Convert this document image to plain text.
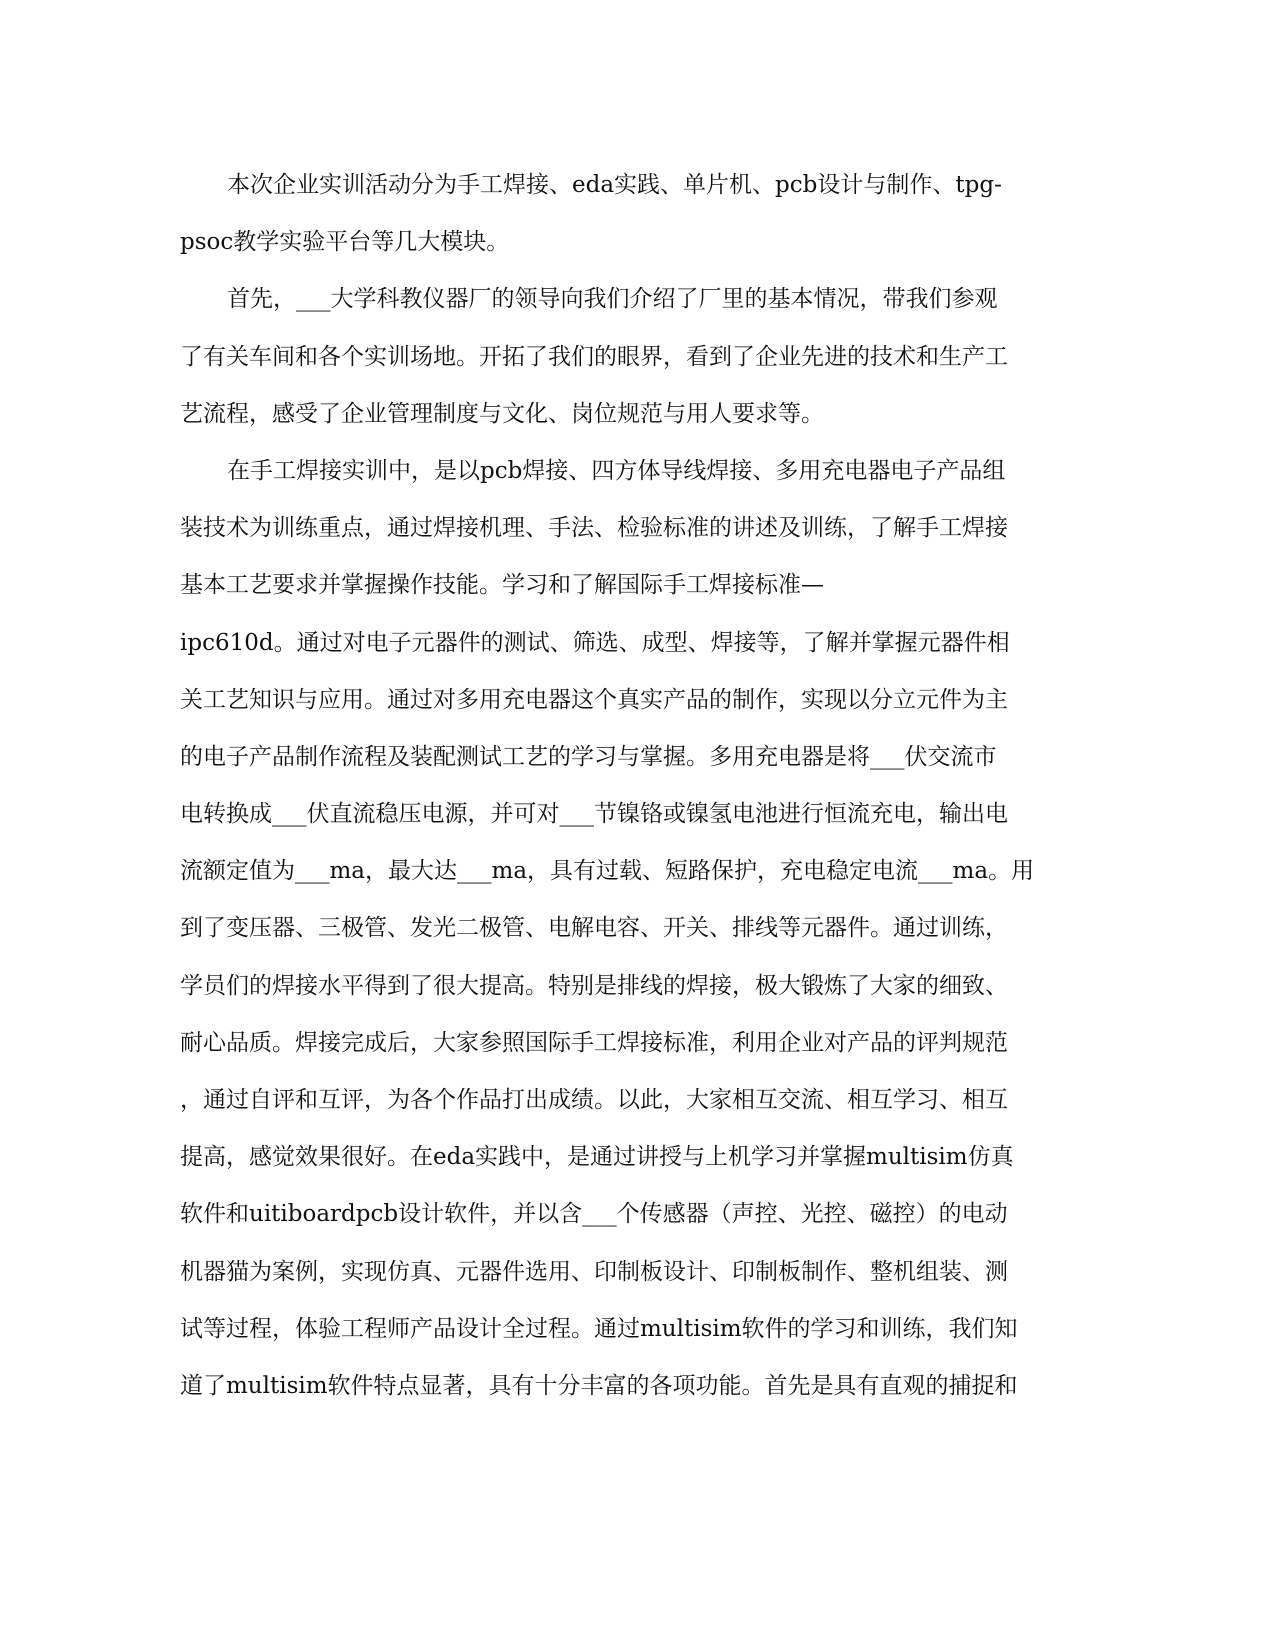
本次企业实训活动分为手工焊接、eda实践、单片机、pcb设计与制作、tpg-
psoc教学实验平台等几大模块。
首先，___大学科教仪器厂的领导向我们介绍了厂里的基本情况，带我们参观
了有关车间和各个实训场地。开拓了我们的眼界，看到了企业先进的技术和生产工
艺流程，感受了企业管理制度与文化、岗位规范与用人要求等。
在手工焊接实训中，是以pcb焊接、四方体导线焊接、多用充电器电子产品组
装技术为训练重点，通过焊接机理、手法、检验标准的讲述及训练，了解手工焊接
基本工艺要求并掌握操作技能。学习和了解国际手工焊接标准—
ipc610d。通过对电子元器件的测试、筛选、成型、焊接等，了解并掌握元器件相
关工艺知识与应用。通过对多用充电器这个真实产品的制作，实现以分立元件为主
的电子产品制作流程及装配测试工艺的学习与掌握。多用充电器是将___伏交流市
电转换成___伏直流稳压电源，并可对___节镍铬或镍氢电池进行恒流充电，输出电
流额定值为___ma，最大达___ma，具有过载、短路保护，充电稳定电流___ma。用
到了变压器、三极管、发光二极管、电解电容、开关、排线等元器件。通过训练，
学员们的焊接水平得到了很大提高。特别是排线的焊接，极大锻炼了大家的细致、
耐心品质。焊接完成后，大家参照国际手工焊接标准，利用企业对产品的评判规范
，通过自评和互评，为各个作品打出成绩。以此，大家相互交流、相互学习、相互
提高，感觉效果很好。在eda实践中，是通过讲授与上机学习并掌握multisim仿真
软件和uitiboardpcb设计软件，并以含___个传感器（声控、光控、磁控）的电动
机器猫为案例，实现仿真、元器件选用、印制板设计、印制板制作、整机组装、测
试等过程，体验工程师产品设计全过程。通过multisim软件的学习和训练，我们知
道了multisim软件特点显著，具有十分丰富的各项功能。首先是具有直观的捕捉和
